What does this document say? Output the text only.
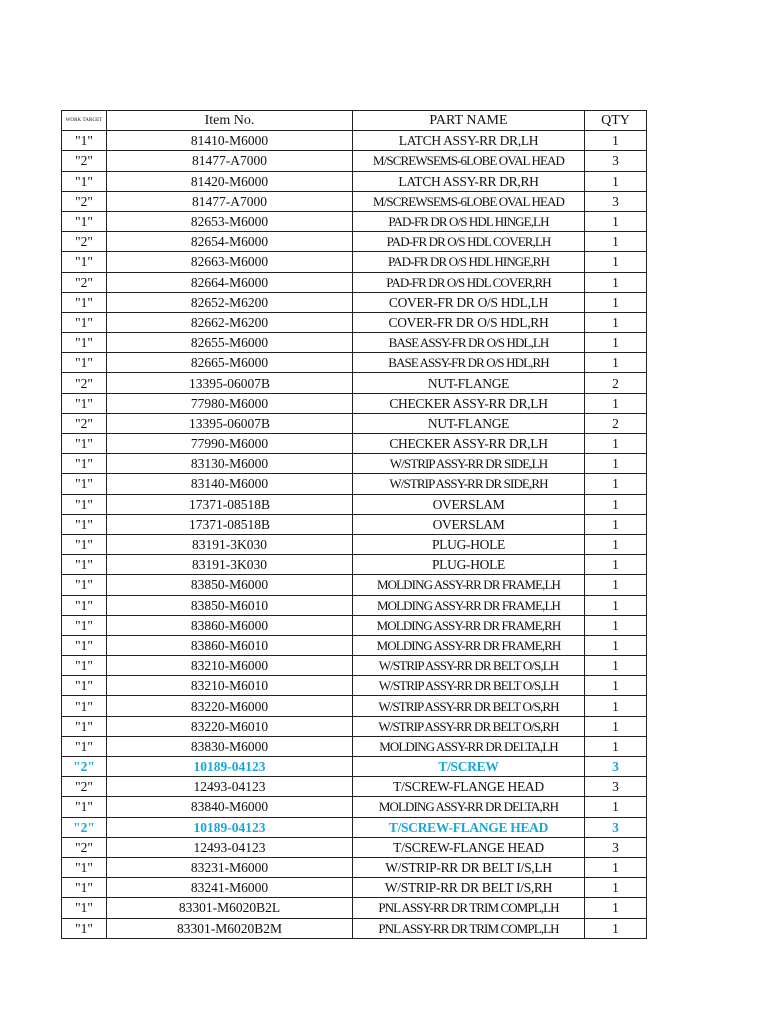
WORK TARGET	Item No.	PART NAME	QTY
"1"	81410-M6000	LATCH ASSY-RR DR,LH	1
"2"	81477-A7000	M/SCREWSEMS-6LOBE OVAL HEAD	3
"1"	81420-M6000	LATCH ASSY-RR DR,RH	1
"2"	81477-A7000	M/SCREWSEMS-6LOBE OVAL HEAD	3
"1"	82653-M6000	PAD-FR DR O/S HDL HINGE,LH	1
"2"	82654-M6000	PAD-FR DR O/S HDL COVER,LH	1
"1"	82663-M6000	PAD-FR DR O/S HDL HINGE,RH	1
"2"	82664-M6000	PAD-FR DR O/S HDL COVER,RH	1
"1"	82652-M6200	COVER-FR DR O/S HDL,LH	1
"1"	82662-M6200	COVER-FR DR O/S HDL,RH	1
"1"	82655-M6000	BASE ASSY-FR DR O/S HDL,LH	1
"1"	82665-M6000	BASE ASSY-FR DR O/S HDL,RH	1
"2"	13395-06007B	NUT-FLANGE	2
"1"	77980-M6000	CHECKER ASSY-RR DR,LH	1
"2"	13395-06007B	NUT-FLANGE	2
"1"	77990-M6000	CHECKER ASSY-RR DR,LH	1
"1"	83130-M6000	W/STRIP ASSY-RR DR SIDE,LH	1
"1"	83140-M6000	W/STRIP ASSY-RR DR SIDE,RH	1
"1"	17371-08518B	OVERSLAM	1
"1"	17371-08518B	OVERSLAM	1
"1"	83191-3K030	PLUG-HOLE	1
"1"	83191-3K030	PLUG-HOLE	1
"1"	83850-M6000	MOLDING ASSY-RR DR FRAME,LH	1
"1"	83850-M6010	MOLDING ASSY-RR DR FRAME,LH	1
"1"	83860-M6000	MOLDING ASSY-RR DR FRAME,RH	1
"1"	83860-M6010	MOLDING ASSY-RR DR FRAME,RH	1
"1"	83210-M6000	W/STRIP ASSY-RR DR BELT O/S,LH	1
"1"	83210-M6010	W/STRIP ASSY-RR DR BELT O/S,LH	1
"1"	83220-M6000	W/STRIP ASSY-RR DR BELT O/S,RH	1
"1"	83220-M6010	W/STRIP ASSY-RR DR BELT O/S,RH	1
"1"	83830-M6000	MOLDING ASSY-RR DR DELTA,LH	1
"2"	10189-04123	T/SCREW	3
"2"	12493-04123	T/SCREW-FLANGE HEAD	3
"1"	83840-M6000	MOLDING ASSY-RR DR DELTA,RH	1
"2"	10189-04123	T/SCREW-FLANGE HEAD	3
"2"	12493-04123	T/SCREW-FLANGE HEAD	3
"1"	83231-M6000	W/STRIP-RR DR BELT I/S,LH	1
"1"	83241-M6000	W/STRIP-RR DR BELT I/S,RH	1
"1"	83301-M6020B2L	PNL ASSY-RR DR TRIM COMPL,LH	1
"1"	83301-M6020B2M	PNL ASSY-RR DR TRIM COMPL,LH	1
